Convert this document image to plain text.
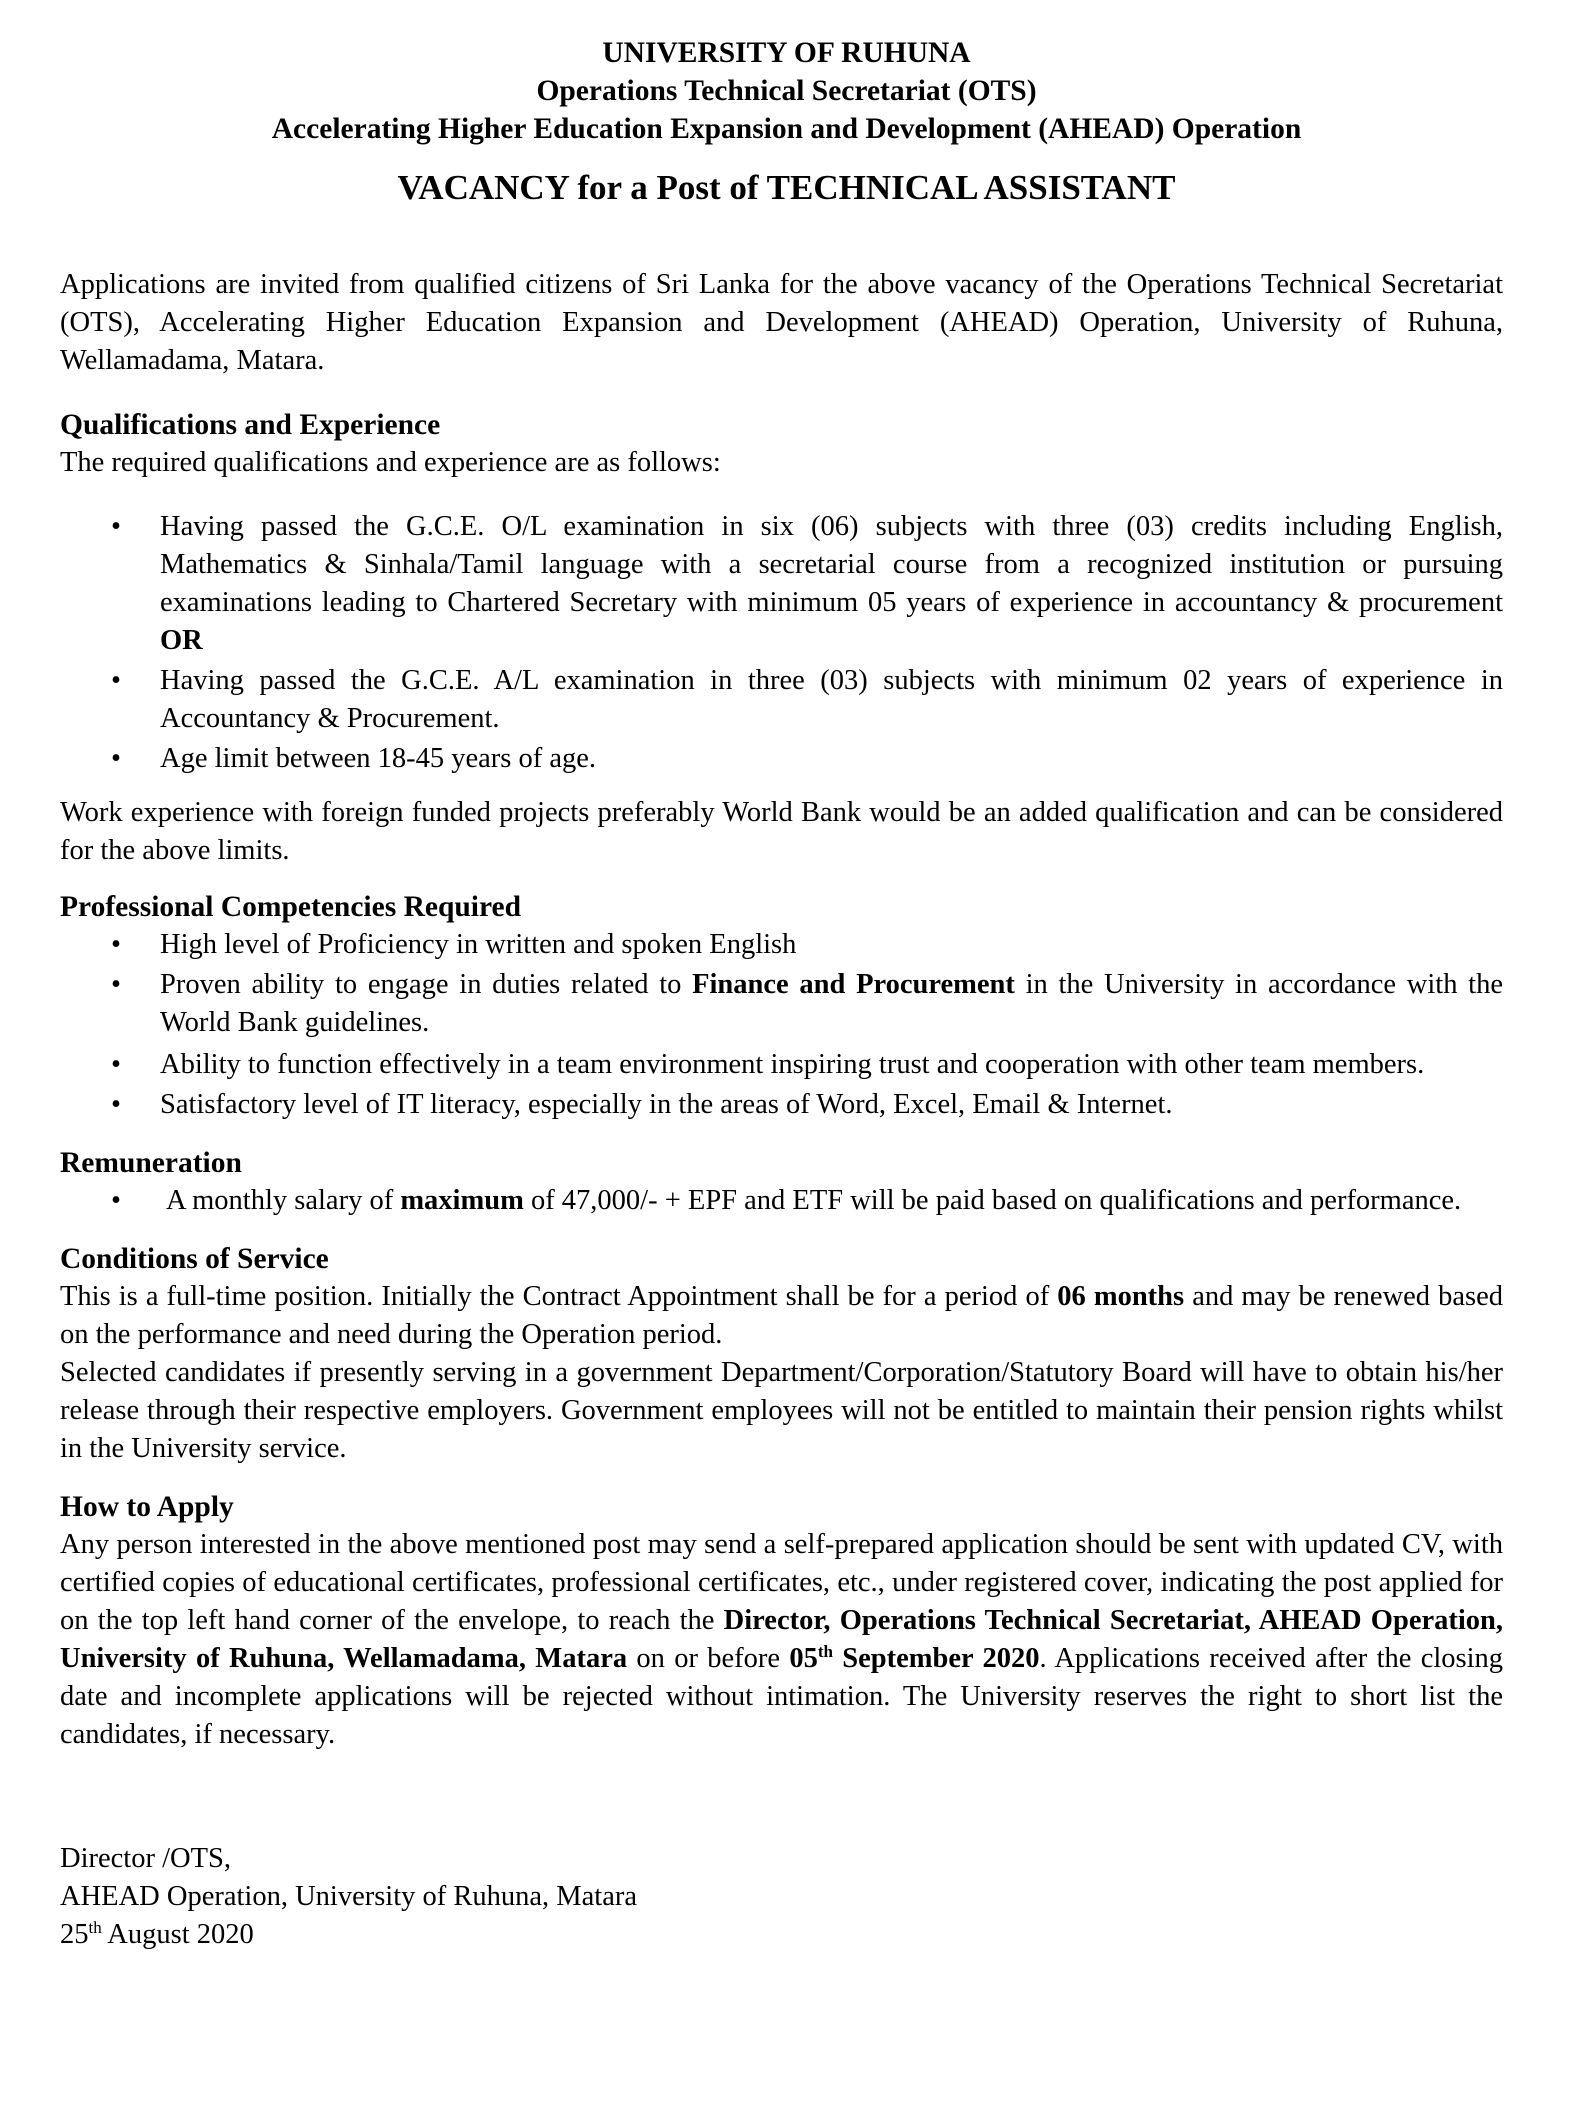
UNIVERSITY OF RUHUNA
Operations Technical Secretariat (OTS)
Accelerating Higher Education Expansion and Development (AHEAD) Operation
VACANCY for a Post of TECHNICAL ASSISTANT

Applications are invited from qualified citizens of Sri Lanka for the above vacancy of the Operations Technical Secretariat (OTS), Accelerating Higher Education Expansion and Development (AHEAD) Operation, University of Ruhuna, Wellamadama, Matara.

Qualifications and Experience

The required qualifications and experience are as follows:

• Having passed the G.C.E. O/L examination in six (06) subjects with three (03) credits including English, Mathematics & Sinhala/Tamil language with a secretarial course from a recognized institution or pursuing examinations leading to Chartered Secretary with minimum 05 years of experience in accountancy & procurement OR
• Having passed the G.C.E. A/L examination in three (03) subjects with minimum 02 years of experience in Accountancy & Procurement.
• Age limit between 18-45 years of age.

Work experience with foreign funded projects preferably World Bank would be an added qualification and can be considered for the above limits.

Professional Competencies Required
• High level of Proficiency in written and spoken English
• Proven ability to engage in duties related to Finance and Procurement in the University in accordance with the World Bank guidelines.
• Ability to function effectively in a team environment inspiring trust and cooperation with other team members.
• Satisfactory level of IT literacy, especially in the areas of Word, Excel, Email & Internet.
Remuneration
• A monthly salary of maximum of 47,000/- + EPF and ETF will be paid based on qualifications and performance.
Conditions of Service

This is a full-time position. Initially the Contract Appointment shall be for a period of 06 months and may be renewed based on the performance and need during the Operation period.

Selected candidates if presently serving in a government Department/Corporation/Statutory Board will have to obtain his/her release through their respective employers. Government employees will not be entitled to maintain their pension rights whilst in the University service.

How to Apply

Any person interested in the above mentioned post may send a self-prepared application should be sent with updated CV, with certified copies of educational certificates, professional certificates, etc., under registered cover, indicating the post applied for on the top left hand corner of the envelope, to reach the Director, Operations Technical Secretariat, AHEAD Operation, University of Ruhuna, Wellamadama, Matara on or before 05th September 2020. Applications received after the closing date and incomplete applications will be rejected without intimation. The University reserves the right to short list the candidates, if necessary.

Director /OTS,
AHEAD Operation, University of Ruhuna, Matara
25th August 2020
